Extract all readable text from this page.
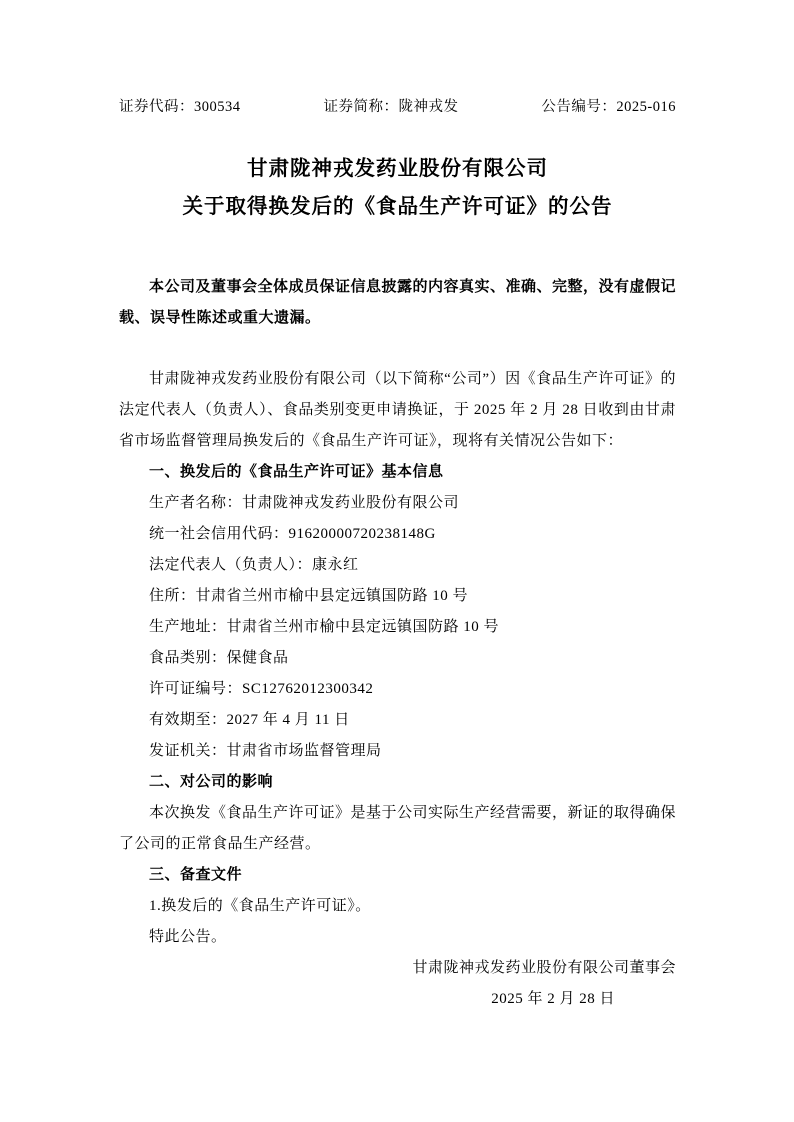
证券代码：300534	证券简称：陇神戎发	公告编号：2025-016
甘肃陇神戎发药业股份有限公司
关于取得换发后的《食品生产许可证》的公告

本公司及董事会全体成员保证信息披露的内容真实、准确、完整，没有虚假记载、误导性陈述或重大遗漏。

甘肃陇神戎发药业股份有限公司（以下简称“公司”）因《食品生产许可证》的法定代表人（负责人）、食品类别变更申请换证，于 2025 年 2 月 28 日收到由甘肃省市场监督管理局换发后的《食品生产许可证》，现将有关情况公告如下：

一、换发后的《食品生产许可证》基本信息

生产者名称：甘肃陇神戎发药业股份有限公司

统一社会信用代码：91620000720238148G

法定代表人（负责人）：康永红

住所：甘肃省兰州市榆中县定远镇国防路 10 号

生产地址：甘肃省兰州市榆中县定远镇国防路 10 号

食品类别：保健食品

许可证编号：SC12762012300342

有效期至：2027 年 4 月 11 日

发证机关：甘肃省市场监督管理局

二、对公司的影响

本次换发《食品生产许可证》是基于公司实际生产经营需要，新证的取得确保了公司的正常食品生产经营。

三、备查文件

1.换发后的《食品生产许可证》。

特此公告。

甘肃陇神戎发药业股份有限公司董事会
2025 年 2 月 28 日
